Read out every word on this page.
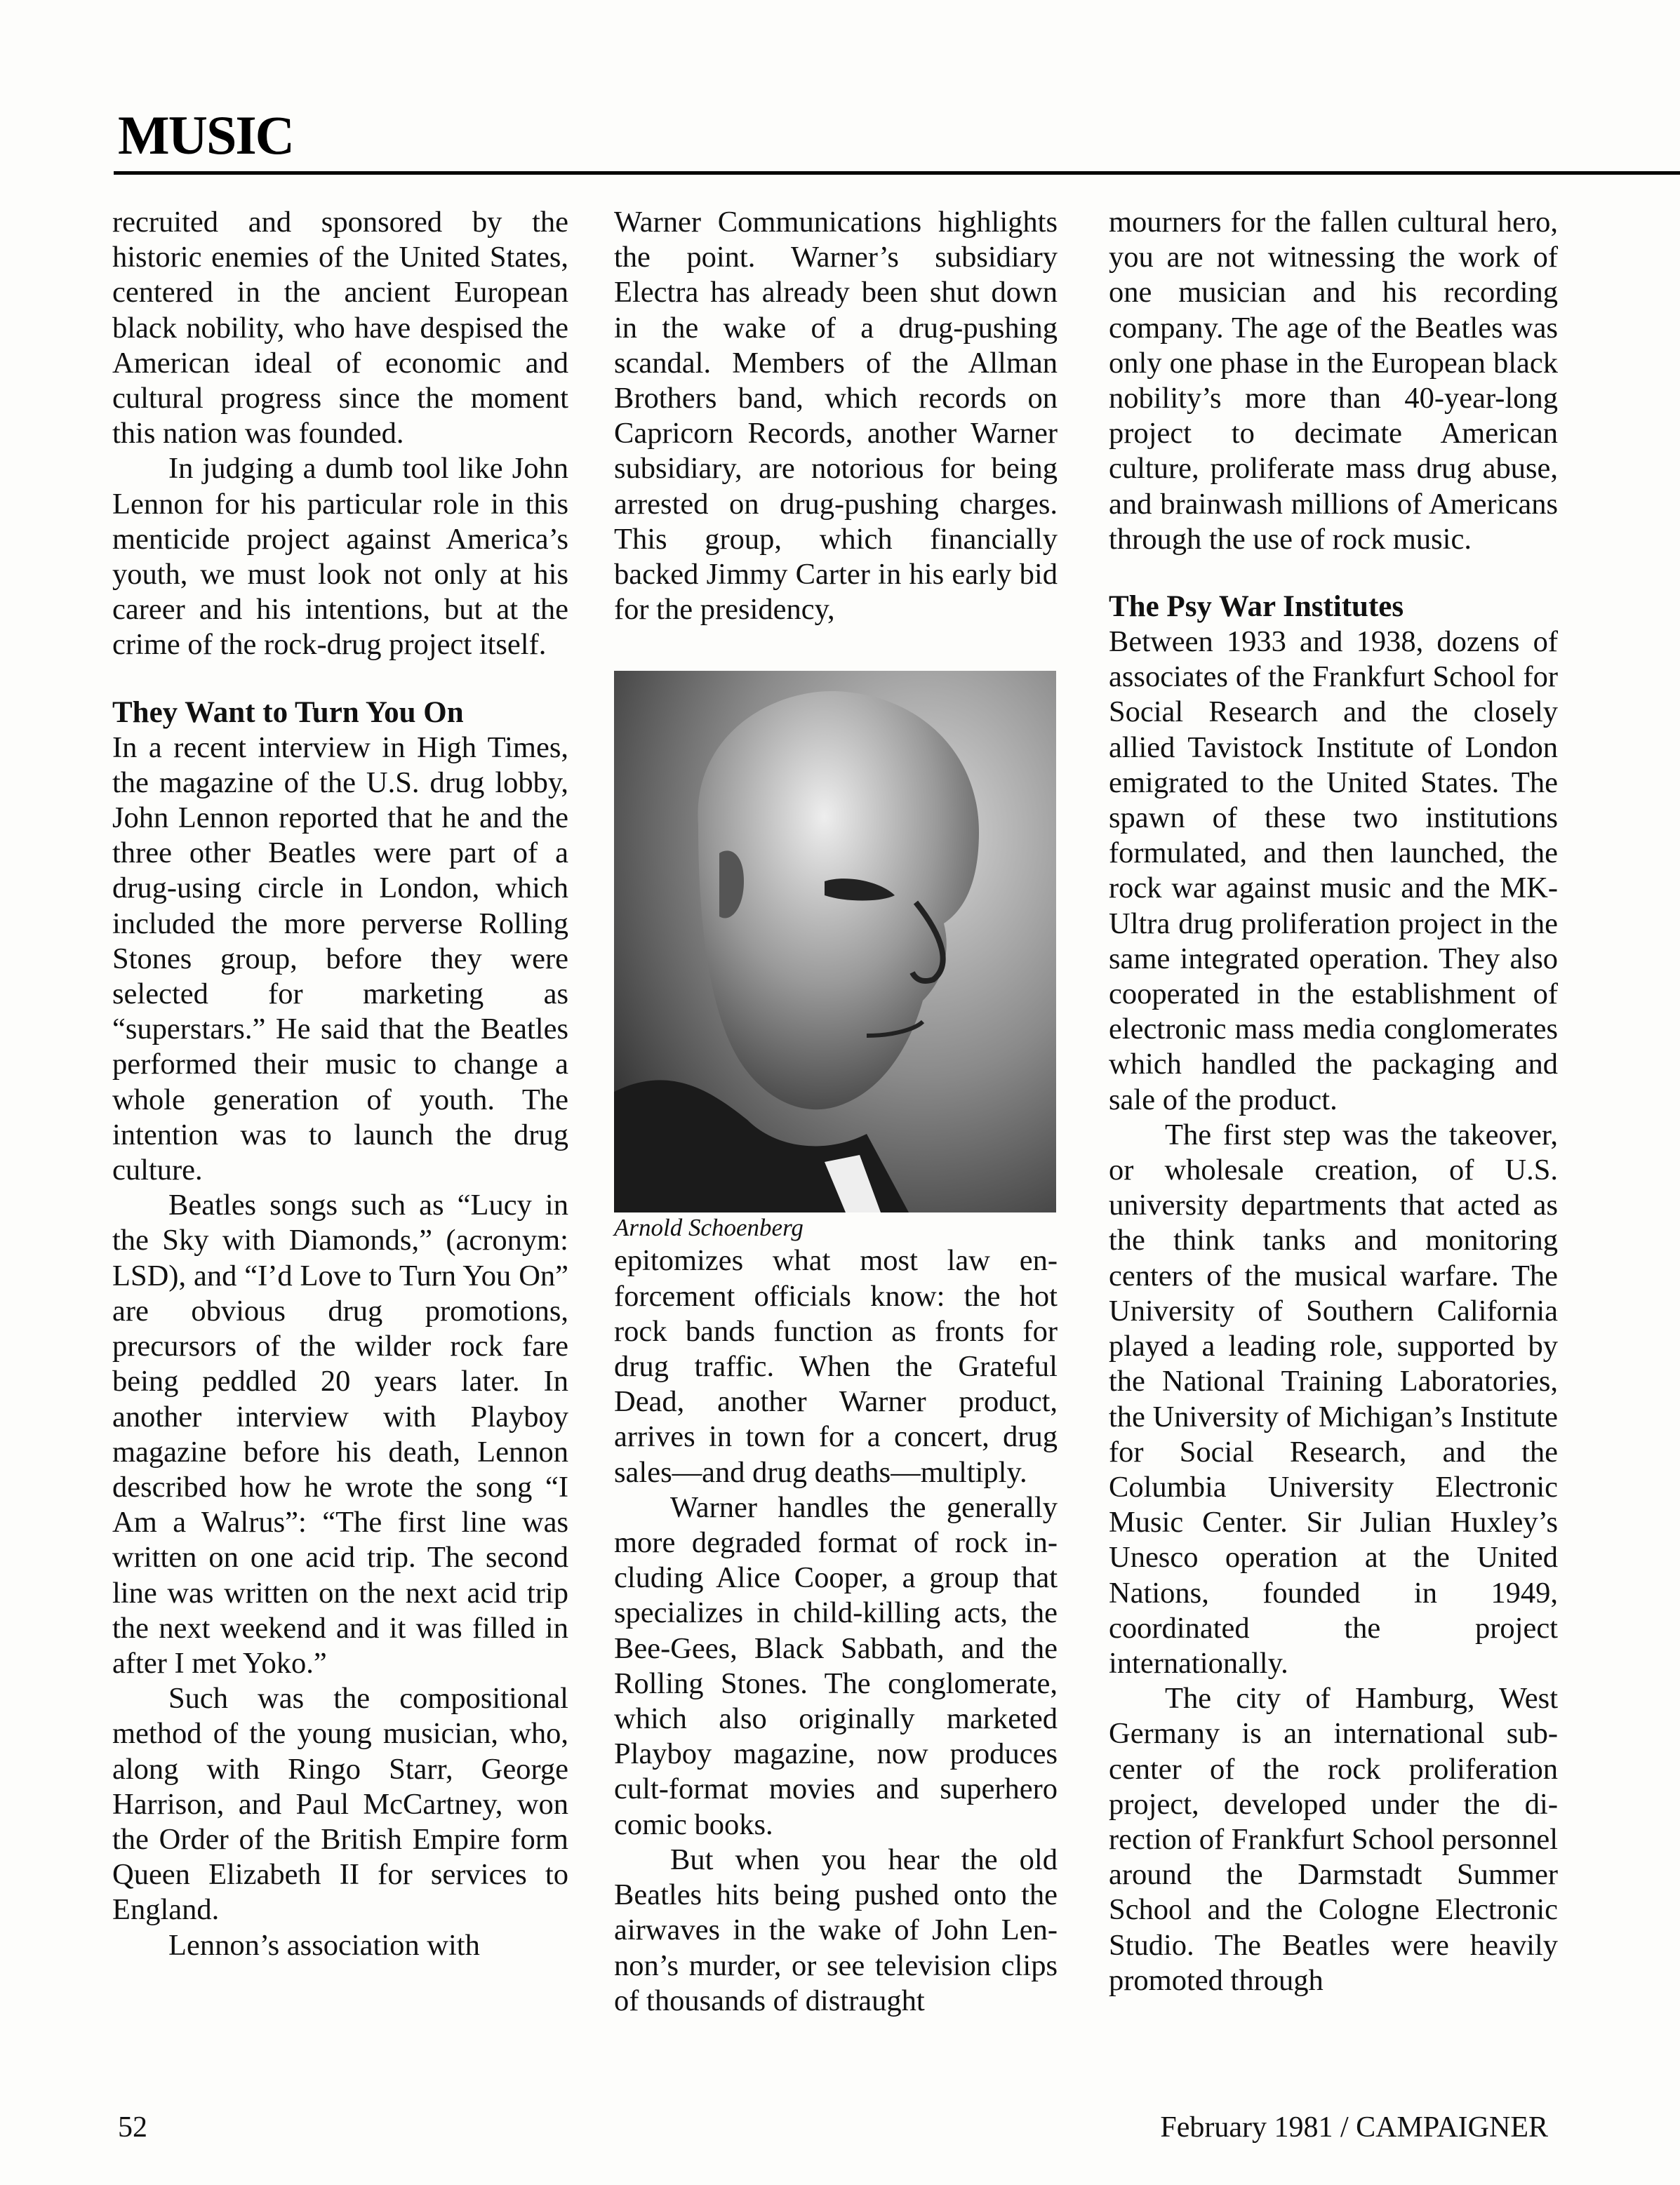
MUSIC

recruited and sponsored by the historic enemies of the United States, centered in the ancient European black nobility, who have despised the American ideal of economic and cultural progress since the moment this nation was founded.

In judging a dumb tool like John Lennon for his particular role in this menticide project against America’s youth, we must look not only at his career and his intentions, but at the crime of the rock-drug project itself.

They Want to Turn You On

In a recent interview in High Times, the magazine of the U.S. drug lobby, John Lennon reported that he and the three other Beatles were part of a drug-using circle in London, which included the more perverse Rolling Stones group, before they were selected for marketing as “superstars.” He said that the Beatles performed their music to change a whole generation of youth. The intention was to launch the drug culture.

Beatles songs such as “Lucy in the Sky with Diamonds,” (acronym: LSD), and “I’d Love to Turn You On” are obvious drug promotions, precursors of the wilder rock fare being peddled 20 years later. In another interview with Playboy magazine before his death, Lennon described how he wrote the song “I Am a Walrus”: “The first line was written on one acid trip. The second line was written on the next acid trip the next weekend and it was filled in after I met Yoko.”

Such was the compositional method of the young musician, who, along with Ringo Starr, George Harrison, and Paul McCartney, won the Order of the British Empire form Queen Elizabeth II for services to England.

Lennon’s association with

Warner Communications highlights the point. Warner’s subsidiary Electra has already been shut down in the wake of a drug-pushing scandal. Members of the Allman Brothers band, which records on Capricorn Records, another Warner subsidiary, are notorious for being arrested on drug-pushing charges. This group, which financially backed Jimmy Carter in his early bid for the presidency,

Arnold Schoenberg

epitomizes what most law enforcement officials know: the hot rock bands function as fronts for drug traffic. When the Grateful Dead, another Warner product, arrives in town for a concert, drug sales—and drug deaths—multiply.

Warner handles the generally more degraded format of rock including Alice Cooper, a group that specializes in child-killing acts, the Bee-Gees, Black Sabbath, and the Rolling Stones. The conglomerate, which also originally marketed Playboy magazine, now produces cult-format movies and superhero comic books.

But when you hear the old Beatles hits being pushed onto the airwaves in the wake of John Lennon’s murder, or see television clips of thousands of distraught

mourners for the fallen cultural hero, you are not witnessing the work of one musician and his recording company. The age of the Beatles was only one phase in the European black nobility’s more than 40-year-long project to decimate American culture, proliferate mass drug abuse, and brainwash millions of Americans through the use of rock music.

The Psy War Institutes

Between 1933 and 1938, dozens of associates of the Frankfurt School for Social Research and the closely allied Tavistock Institute of London emigrated to the United States. The spawn of these two institutions formulated, and then launched, the rock war against music and the MK-Ultra drug proliferation project in the same integrated operation. They also cooperated in the establishment of electronic mass media conglomerates which handled the packaging and sale of the product.

The first step was the takeover, or wholesale creation, of U.S. university departments that acted as the think tanks and monitoring centers of the musical warfare. The University of Southern California played a leading role, supported by the National Training Laboratories, the University of Michigan’s Institute for Social Research, and the Columbia University Electronic Music Center. Sir Julian Huxley’s Unesco operation at the United Nations, founded in 1949, coordinated the project internationally.

The city of Hamburg, West Germany is an international subcenter of the rock proliferation project, developed under the direction of Frankfurt School personnel around the Darmstadt Summer School and the Cologne Electronic Studio. The Beatles were heavily promoted through

52	February 1981 / CAMPAIGNER
